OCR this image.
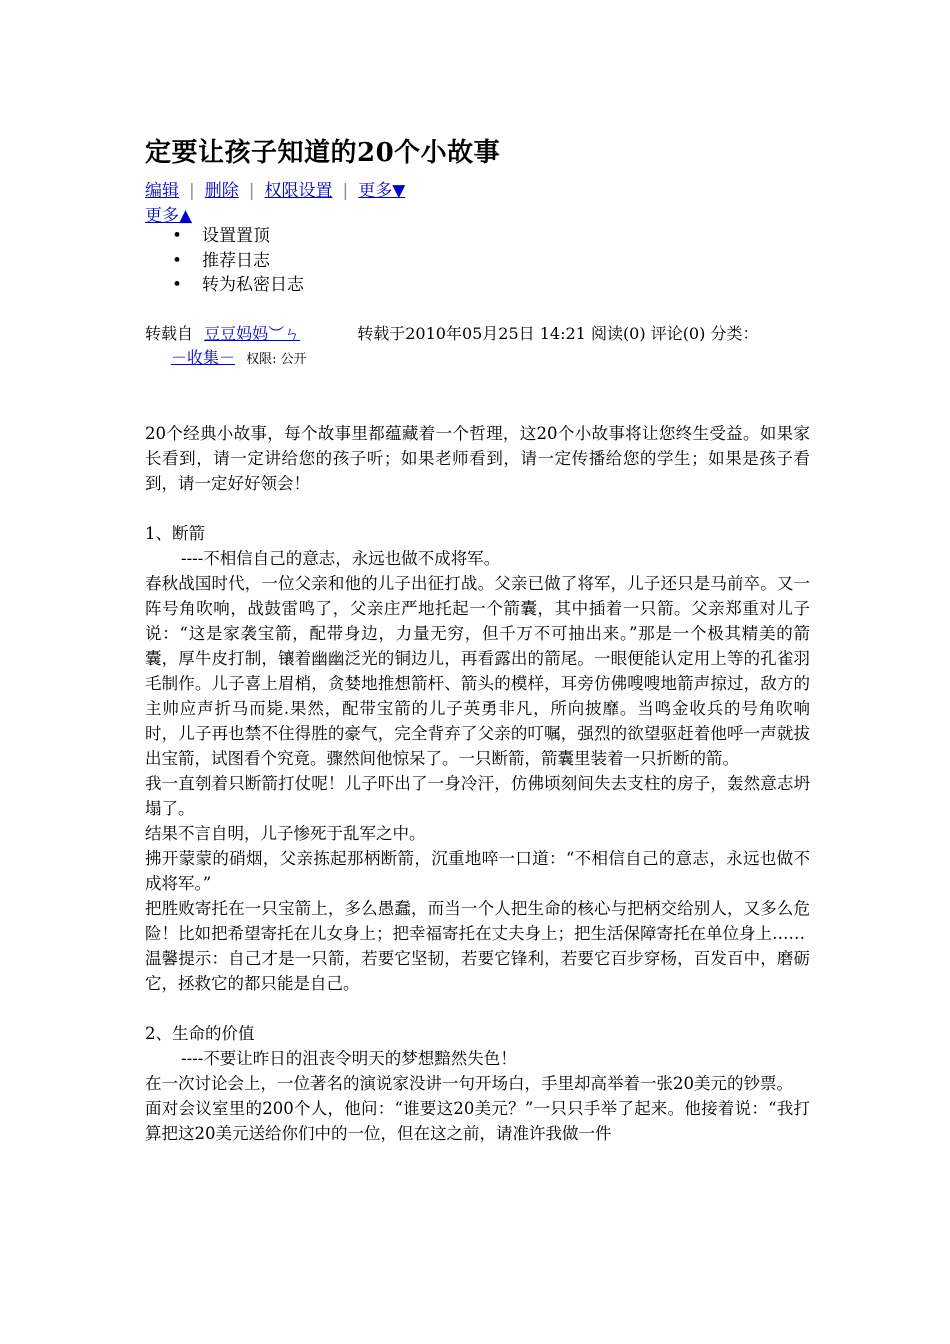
定要让孩子知道的20个小故事
编辑 | 删除 | 权限设置 | 更多▼
更多▲
• 设置置顶
• 推荐日志
• 转为私密日志
转载自 豆豆妈妈︶ㄣ	转载于2010年05月25日 14:21 阅读(0) 评论(0) 分类： －收集－ 权限: 公开

20个经典小故事，每个故事里都蕴藏着一个哲理，这20个小故事将让您终生受益。如果家长看到，请一定讲给您的孩子听；如果老师看到，请一定传播给您的学生；如果是孩子看到，请一定好好领会！

1、断箭

----不相信自己的意志，永远也做不成将军。

春秋战国时代，一位父亲和他的儿子出征打战。父亲已做了将军，儿子还只是马前卒。又一阵号角吹响，战鼓雷鸣了，父亲庄严地托起一个箭囊，其中插着一只箭。父亲郑重对儿子说：“这是家袭宝箭，配带身边，力量无穷，但千万不可抽出来。”那是一个极其精美的箭囊，厚牛皮打制，镶着幽幽泛光的铜边儿，再看露出的箭尾。一眼便能认定用上等的孔雀羽毛制作。儿子喜上眉梢，贪婪地推想箭杆、箭头的模样，耳旁仿佛嗖嗖地箭声掠过，敌方的主帅应声折马而毙.果然，配带宝箭的儿子英勇非凡，所向披靡。当鸣金收兵的号角吹响时，儿子再也禁不住得胜的豪气，完全背弃了父亲的叮嘱，强烈的欲望驱赶着他呼一声就拔出宝箭，试图看个究竟。骤然间他惊呆了。一只断箭，箭囊里装着一只折断的箭。

我一直刳着只断箭打仗呢！儿子吓出了一身冷汗，仿佛顷刻间失去支柱的房子，轰然意志坍塌了。

结果不言自明，儿子惨死于乱军之中。

拂开蒙蒙的硝烟，父亲拣起那柄断箭，沉重地啐一口道：“不相信自己的意志，永远也做不成将军。”

把胜败寄托在一只宝箭上，多么愚蠢，而当一个人把生命的核心与把柄交给别人，又多么危险！比如把希望寄托在儿女身上；把幸福寄托在丈夫身上；把生活保障寄托在单位身上……

温馨提示：自己才是一只箭，若要它坚韧，若要它锋利，若要它百步穿杨，百发百中，磨砺它，拯救它的都只能是自己。

2、生命的价值

----不要让昨日的沮丧令明天的梦想黯然失色！

在一次讨论会上，一位著名的演说家没讲一句开场白，手里却高举着一张20美元的钞票。

面对会议室里的200个人，他问：“谁要这20美元？”一只只手举了起来。他接着说：“我打算把这20美元送给你们中的一位，但在这之前，请准许我做一件
